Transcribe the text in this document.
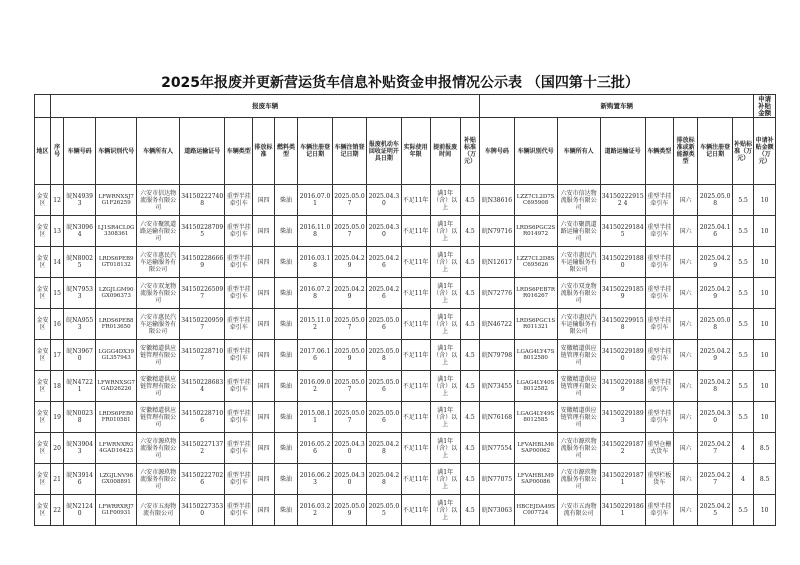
2025年报废并更新营运货车信息补贴资金申报情况公示表 （国四第十三批）
	报废车辆														新购置车辆								申请补贴金额
地区	序号	车辆号码	车辆识别代号	车辆所有人	道路运输证号	车辆类型	排放标准	燃料类型	车辆注册登记日期	车辆注销登记日期	报废机动车回收证明开具日期	实际使用年限	提前报废时间	补贴标准（万元）	车牌号码	车辆识别代号	车辆所有人	道路运输证号	车辆类型	排放标准或新能源类型	车辆注册登记日期	补贴标准（万元）	申请补贴金额（万元）
金安区	12	皖N49393	LFWRNXSJ7G1F26259	六安市信达物流服务有限公司	341502227408	重型半挂牵引车	国四	柴油	2016.07.01	2025.05.07	2025.04.30	不足11年	满1年（含）以上	4.5	皖N38616	LZZ7CL2D7SC695908	六安市信达物流服务有限公司	341502229152 4	重型半挂牵引车	国六	2025.05.08	5.5	10
金安区	13	皖N30964	LJ1SR4CL0G3308361	六安市聚凯道路运输有限公司	341502287095	重型半挂牵引车	国四	柴油	2016.11.08	2025.05.07	2025.04.30	不足11年	满1年（含）以上	4.5	皖N79716	LRDS6PGC2SR014972	六安市聚凯道路运输有限公司	341502291845	重型半挂牵引车	国六	2025.04.16	5.5	10
金安区	14	皖N80025	LRDS6PEB9GT018132	六安市惠民汽车运输服务有限公司	341502286669	重型半挂牵引车	国四	柴油	2016.03.18	2025.04.29	2025.04.26	不足11年	满1年（含）以上	4.5	皖N12617	LZZ7CL2D8SC695626	六安市惠民汽车运输服务有限公司	341502291880	重型半挂牵引车	国六	2025.04.29	5.5	10
金安区	15	皖N79533	LZGJLGM90GX096373	六安市双龙物流服务有限公司	341502265097	重型半挂牵引车	国四	柴油	2016.07.28	2025.04.29	2025.04.26	不足11年	满1年（含）以上	4.5	皖N72776	LRDS6PEB7RR016267	六安市双龙物流服务有限公司	341502291859	重型半挂牵引车	国六	2025.04.29	5.5	10
金安区	16	皖NA9553	LRDS6PEB8FR013650	六安市惠民汽车运输服务有限公司	341502209597	重型半挂牵引车	国四	柴油	2015.11.02	2025.05.07	2025.05.06	不足11年	满1年（含）以上	4.5	皖N46722	LRDS6PGC1SR011321	六安市惠民汽车运输服务有限公司	341502299158	重型半挂牵引车	国六	2025.05.08	5.5	10
金安区	17	皖N39670	LGGG4DX39GL357943	安徽精道供应链管理有限公司	341502287107	重型半挂牵引车	国四	柴油	2017.06.16	2025.05.09	2025.05.08	不足11年	满1年（含）以上	4.5	皖N79798	LGAG4LY47S8012580	安徽精道供应链管理有限公司	341502291890	重型半挂牵引车	国六	2025.04.29	5.5	10
金安区	18	皖N47221	LFWRNXSG7GAD26226	安徽精道供应链管理有限公司	341502286834	重型半挂牵引车	国四	柴油	2016.09.02	2025.05.07	2025.05.06	不足11年	满1年（含）以上	4.5	皖N73455	LGAG4LY40S8012582	安徽精道供应链管理有限公司	341502291889	重型半挂牵引车	国六	2025.04.28	5.5	10
金安区	19	皖N00238	LRDS6PEB0FR010581	安徽精道供应链管理有限公司	341502287106	重型半挂牵引车	国四	柴油	2015.08.11	2025.05.07	2025.05.06	不足11年	满1年（含）以上	4.5	皖N76168	LGAG4LY49S8012585	安徽精道供应链管理有限公司	341502291893	重型半挂牵引车	国六	2025.04.30	5.5	10
金安区	20	皖N39043	LFWRNXRG4GAD16423	六安市源玖物流服务有限公司	341502271372	重型半挂牵引车	国四	柴油	2016.05.26	2025.04.30	2025.04.28	不足11年	满1年（含）以上	4.5	皖N77554	LFVAHBLM6SAP00062	六安市源玖物流服务有限公司	341502291872	重型仓栅式货车	国六	2025.04.27	4	8.5
金安区	21	皖N39146	LZGJLNV96GX008891	六安市源玖物流服务有限公司	341502227026	重型半挂牵引车	国四	柴油	2016.06.23	2025.04.30	2025.04.28	不足11年	满1年（含）以上	4.5	皖N77075	LFVAHBLM9SAP00086	六安市源玖物流服务有限公司	341502291871	重型栏板货车	国六	2025.04.27	4	8.5
金安区	22	皖N21240	LFWRRXRJ7G1F00931	六安市五海物流有限公司	341502273530	重型半挂牵引车	国四	柴油	2016.03.22	2025.05.09	2025.05.05	不足11年	满1年（含）以上	4.5	皖N73063	HBCEJDA49SC007724	六安市五海物流有限公司	341502291861	重型半挂牵引车	国六	2025.04.25	5.5	10
